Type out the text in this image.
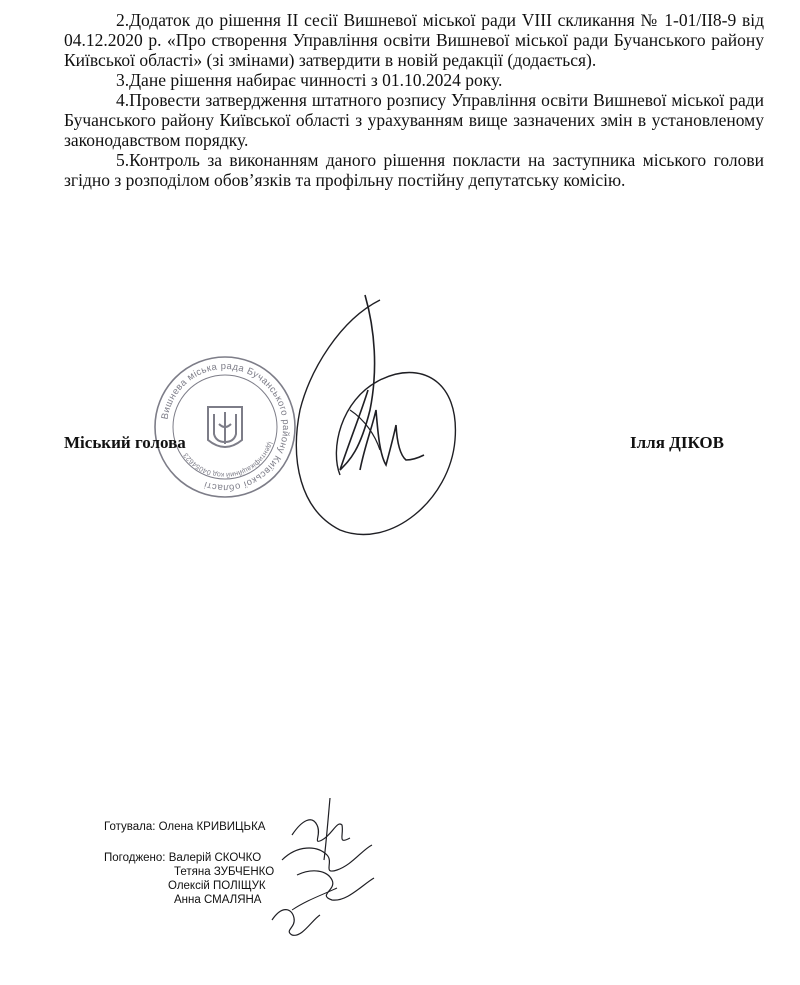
2.Додаток до рішення II сесії Вишневої міської ради VIII скликання № 1-01/ІІ8-9 від 04.12.2020 р. «Про створення Управління освіти Вишневої міської ради Бучанського району Київської області» (зі змінами) затвердити в новій редакції (додається).

3.Дане рішення набирає чинності з 01.10.2024 року.

4.Провести затвердження штатного розпису Управління освіти Вишневої міської ради Бучанського району Київської області з урахуванням вище зазначених змін в установленому законодавством порядку.

5.Контроль за виконанням даного рішення покласти на заступника міського голови згідно з розподілом обов’язків та профільну постійну депутатську комісію.

Вишнева міська рада Бучанського району Київської області
Ідентифікаційний код 04054623
Міський голова	Ілля ДІКОВ
Готувала: Олена КРИВИЦЬКА
Погоджено: Валерій СКОЧКО
Тетяна ЗУБЧЕНКО
Олексій ПОЛІЩУК
Анна СМАЛЯНА
